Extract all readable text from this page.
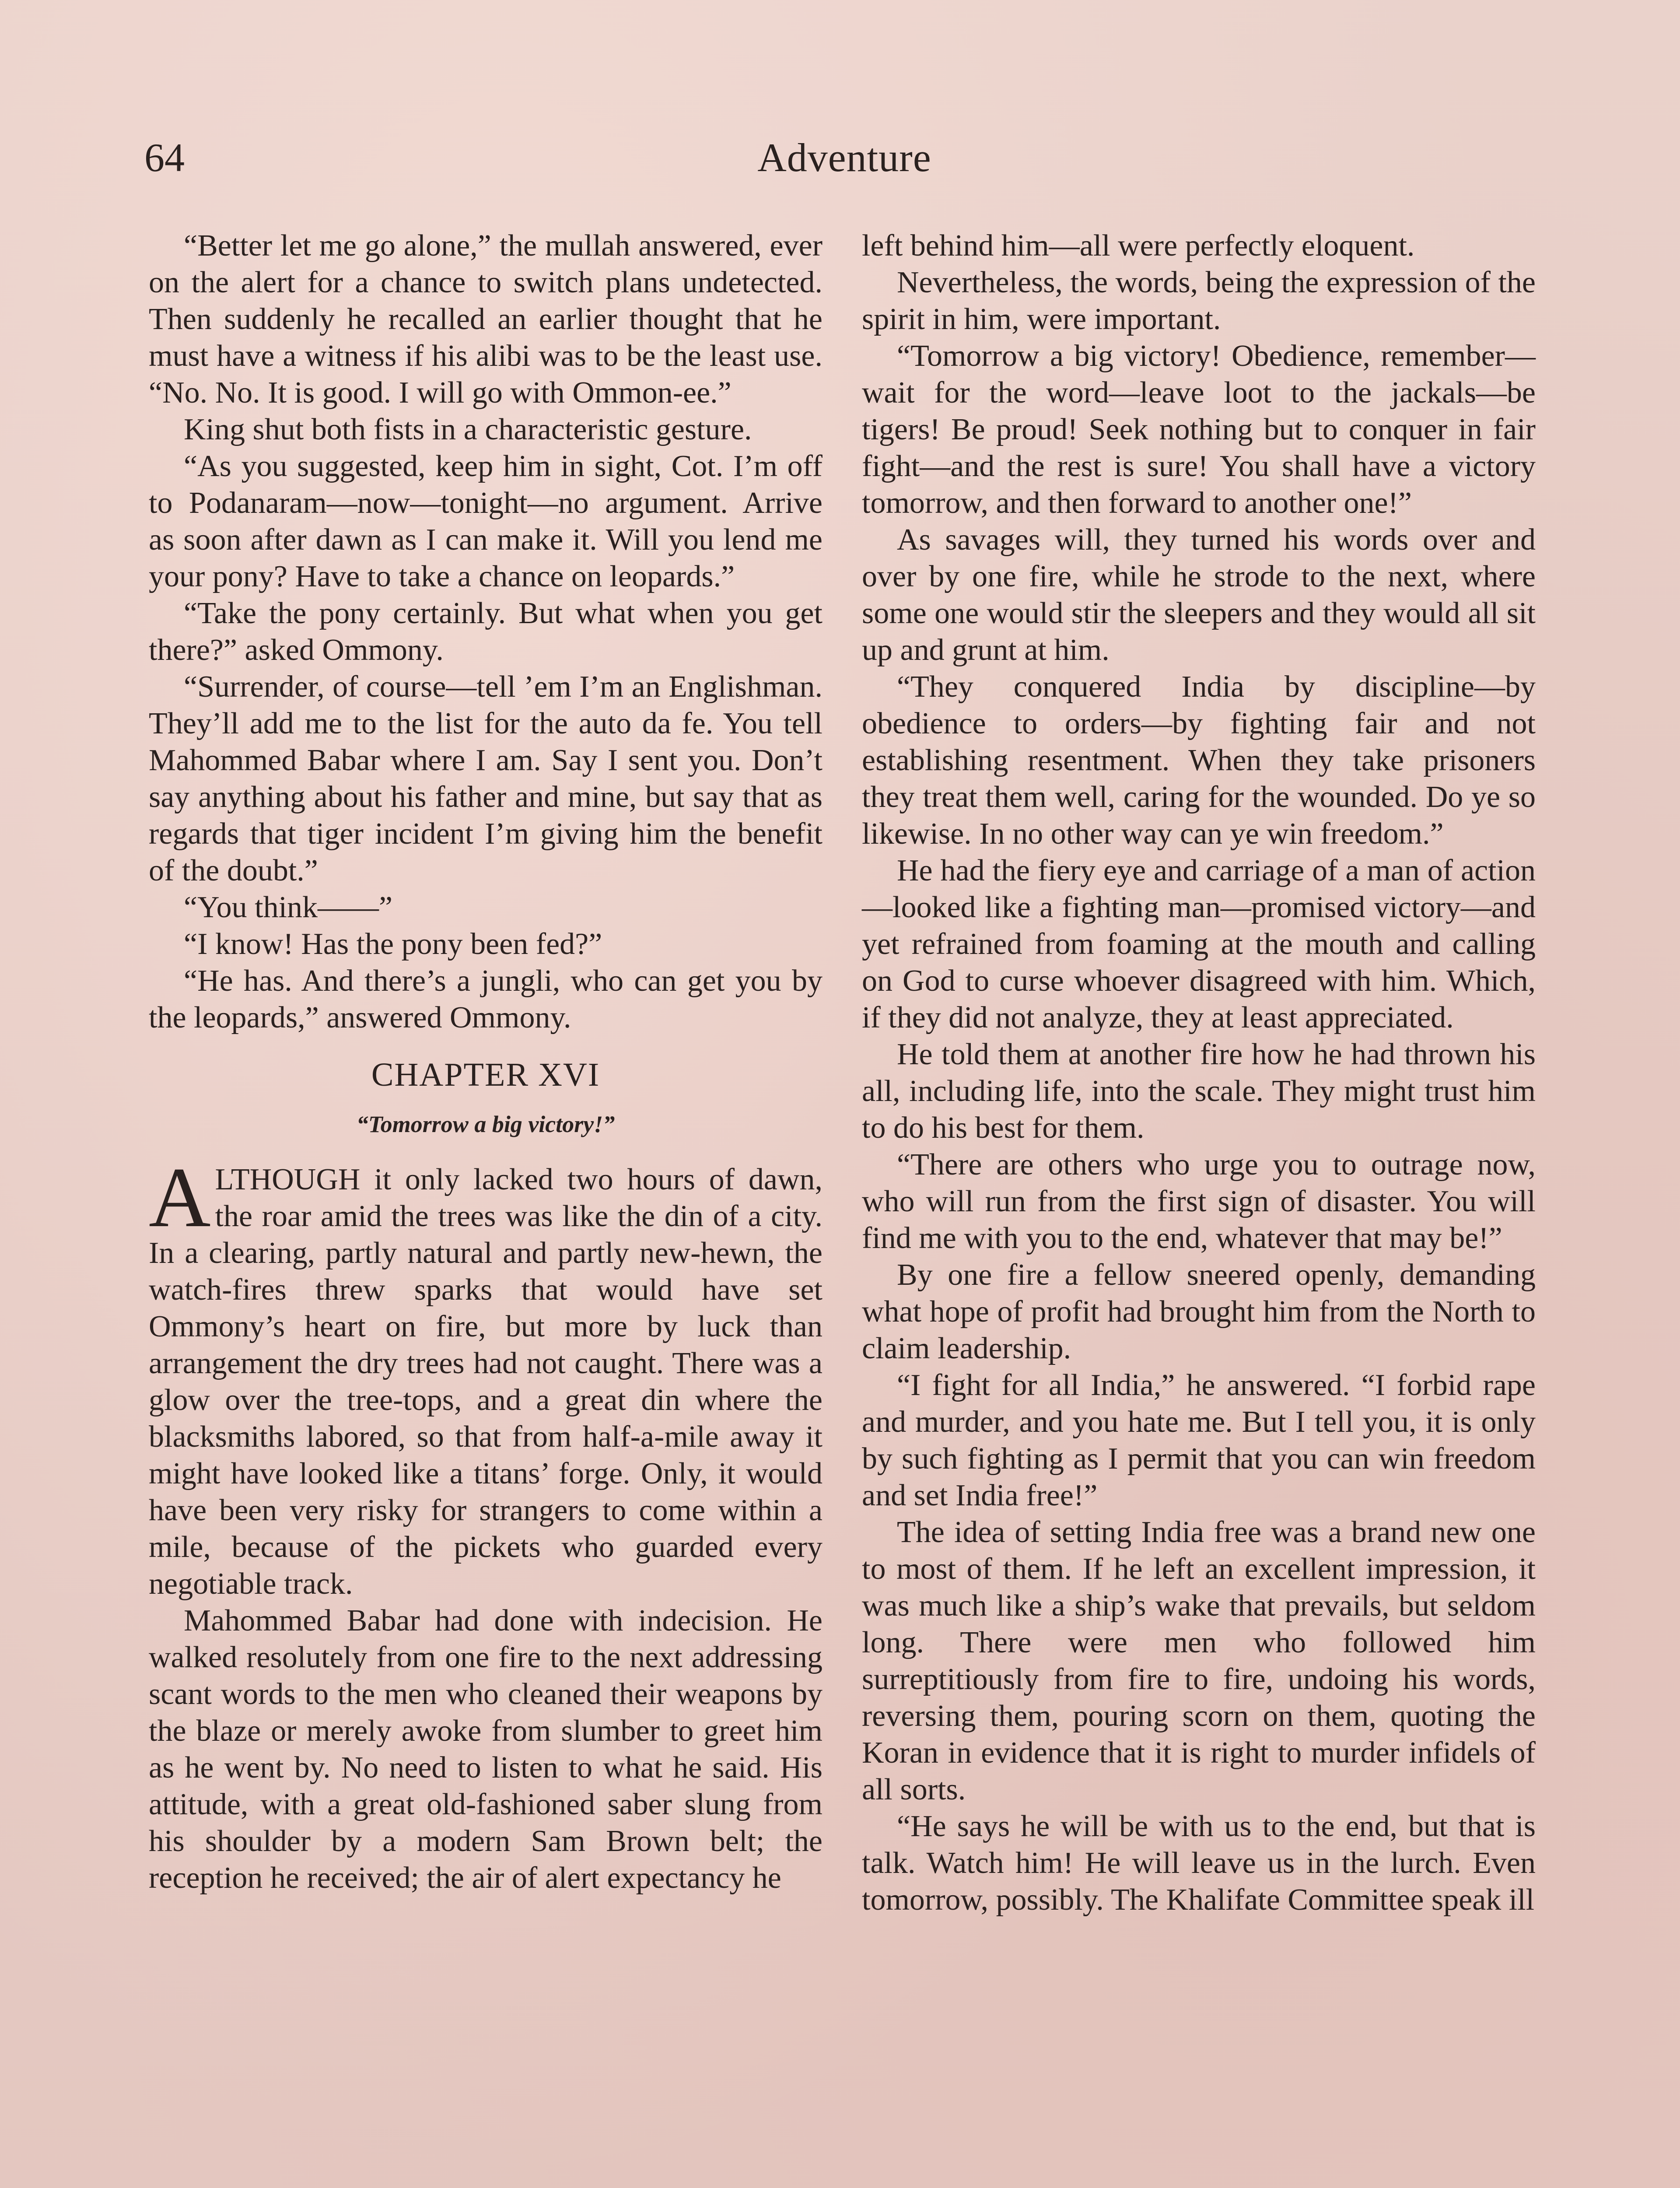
64	Adventure

“Better let me go alone,” the mullah answered, ever on the alert for a chance to switch plans undetected. Then suddenly he recalled an earlier thought that he must have a witness if his alibi was to be the least use. “No. No. It is good. I will go with Ommon-ee.”

King shut both fists in a characteristic gesture.

“As you suggested, keep him in sight, Cot. I’m off to Podanaram—now—tonight—no argument. Arrive as soon after dawn as I can make it. Will you lend me your pony? Have to take a chance on leopards.”

“Take the pony certainly. But what when you get there?” asked Ommony.

“Surrender, of course—tell ’em I’m an Englishman. They’ll add me to the list for the auto da fe. You tell Mahommed Babar where I am. Say I sent you. Don’t say anything about his father and mine, but say that as regards that tiger incident I’m giving him the benefit of the doubt.”

“You think——”

“I know! Has the pony been fed?”

“He has. And there’s a jungli, who can get you by the leopards,” answered Ommony.

CHAPTER XVI
“Tomorrow a big victory!”

ALTHOUGH it only lacked two hours of dawn, the roar amid the trees was like the din of a city. In a clearing, partly natural and partly new-hewn, the watch-fires threw sparks that would have set Ommony’s heart on fire, but more by luck than arrangement the dry trees had not caught. There was a glow over the tree-tops, and a great din where the blacksmiths labored, so that from half-a-mile away it might have looked like a titans’ forge. Only, it would have been very risky for strangers to come within a mile, because of the pickets who guarded every negotiable track.

Mahommed Babar had done with indecision. He walked resolutely from one fire to the next addressing scant words to the men who cleaned their weapons by the blaze or merely awoke from slumber to greet him as he went by. No need to listen to what he said. His attitude, with a great old-fashioned saber slung from his shoulder by a modern Sam Brown belt; the reception he received; the air of alert expectancy he

left behind him—all were perfectly eloquent.

Nevertheless, the words, being the expression of the spirit in him, were important.

“Tomorrow a big victory! Obedience, remember—wait for the word—leave loot to the jackals—be tigers! Be proud! Seek nothing but to conquer in fair fight—and the rest is sure! You shall have a victory tomorrow, and then forward to another one!”

As savages will, they turned his words over and over by one fire, while he strode to the next, where some one would stir the sleepers and they would all sit up and grunt at him.

“They conquered India by discipline—by obedience to orders—by fighting fair and not establishing resentment. When they take prisoners they treat them well, caring for the wounded. Do ye so likewise. In no other way can ye win freedom.”

He had the fiery eye and carriage of a man of action—looked like a fighting man—promised victory—and yet refrained from foaming at the mouth and calling on God to curse whoever disagreed with him. Which, if they did not analyze, they at least appreciated.

He told them at another fire how he had thrown his all, including life, into the scale. They might trust him to do his best for them.

“There are others who urge you to outrage now, who will run from the first sign of disaster. You will find me with you to the end, whatever that may be!”

By one fire a fellow sneered openly, demanding what hope of profit had brought him from the North to claim leadership.

“I fight for all India,” he answered. “I forbid rape and murder, and you hate me. But I tell you, it is only by such fighting as I permit that you can win freedom and set India free!”

The idea of setting India free was a brand new one to most of them. If he left an excellent impression, it was much like a ship’s wake that prevails, but seldom long. There were men who followed him surreptitiously from fire to fire, undoing his words, reversing them, pouring scorn on them, quoting the Koran in evidence that it is right to murder infidels of all sorts.

“He says he will be with us to the end, but that is talk. Watch him! He will leave us in the lurch. Even tomorrow, possibly. The Khalifate Committee speak ill
